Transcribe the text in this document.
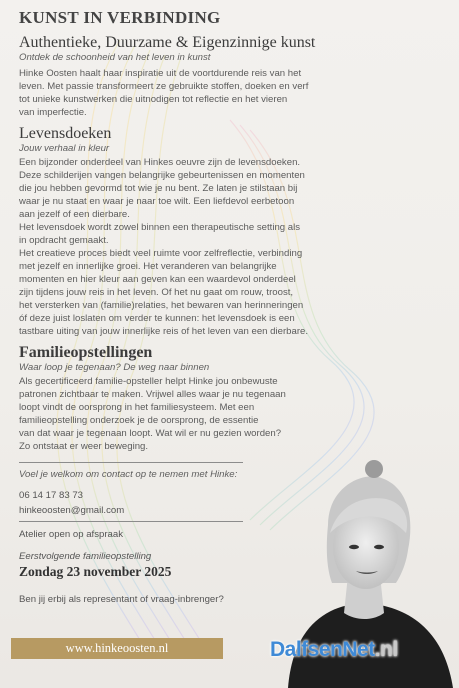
KUNST IN VERBINDING
Authentieke, Duurzame & Eigenzinnige kunst
Ontdek de schoonheid van het leven in kunst

Hinke Oosten haalt haar inspiratie uit de voortdurende reis van het

leven. Met passie transformeert ze gebruikte stoffen, doeken en verf

tot unieke kunstwerken die uitnodigen tot reflectie en het vieren

van imperfectie.

Levensdoeken
Jouw verhaal in kleur

Een bijzonder onderdeel van Hinkes oeuvre zijn de levensdoeken.

Deze schilderijen vangen belangrijke gebeurtenissen en momenten

die jou hebben gevormd tot wie je nu bent. Ze laten je stilstaan bij

waar je nu staat en waar je naar toe wilt. Een liefdevol eerbetoon

aan jezelf of een dierbare.

Het levensdoek wordt zowel binnen een therapeutische setting als

in opdracht gemaakt.

Het creatieve proces biedt veel ruimte voor zelfreflectie, verbinding

met jezelf en innerlijke groei. Het veranderen van belangrijke

momenten en hier kleur aan geven kan een waardevol onderdeel

zijn tijdens jouw reis in het leven. Of het nu gaat om rouw, troost,

het versterken van (familie)relaties, het bewaren van herinneringen

óf deze juist loslaten om verder te kunnen: het levensdoek is een

tastbare uiting van jouw innerlijke reis of het leven van een dierbare.

Familieopstellingen
Waar loop je tegenaan? De weg naar binnen

Als gecertificeerd familie-opsteller helpt Hinke jou onbewuste

patronen zichtbaar te maken. Vrijwel alles waar je nu tegenaan

loopt vindt de oorsprong in het familiesysteem. Met een

familieopstelling onderzoek je de oorsprong, de essentie

van dat waar je tegenaan loopt. Wat wil er nu gezien worden?

Zo ontstaat er weer beweging.

Voel je welkom om contact op te nemen met Hinke:
06 14 17 83 73
hinkeoosten@gmail.com
Atelier open op afspraak
Eerstvolgende familieopstelling
Zondag 23 november 2025
Ben jij erbij als representant of vraag-inbrenger?
www.hinkeoosten.nl	DalfsenNet.nl
